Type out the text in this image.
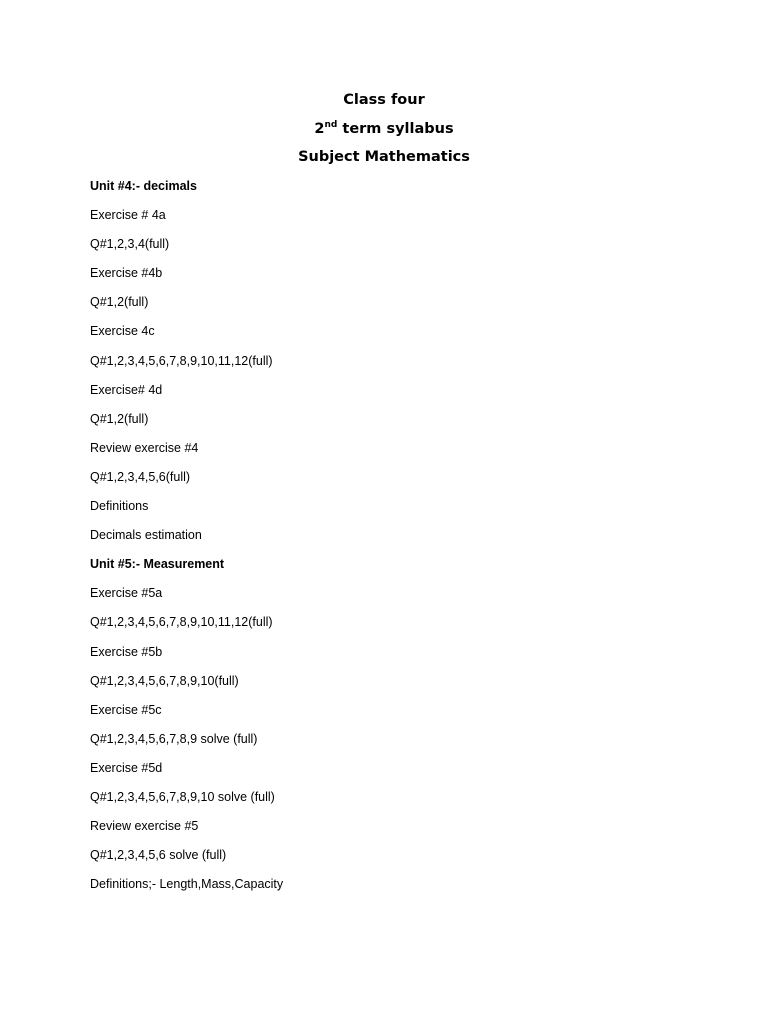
Class four
2nd term syllabus
Subject Mathematics
Unit #4:- decimals
Exercise # 4a
Q#1,2,3,4(full)
Exercise #4b
Q#1,2(full)
Exercise 4c
Q#1,2,3,4,5,6,7,8,9,10,11,12(full)
Exercise# 4d
Q#1,2(full)
Review exercise #4
Q#1,2,3,4,5,6(full)
Definitions
Decimals estimation
Unit #5:- Measurement
Exercise #5a
Q#1,2,3,4,5,6,7,8,9,10,11,12(full)
Exercise #5b
Q#1,2,3,4,5,6,7,8,9,10(full)
Exercise #5c
Q#1,2,3,4,5,6,7,8,9 solve (full)
Exercise #5d
Q#1,2,3,4,5,6,7,8,9,10 solve (full)
Review exercise #5
Q#1,2,3,4,5,6 solve (full)
Definitions;- Length,Mass,Capacity
